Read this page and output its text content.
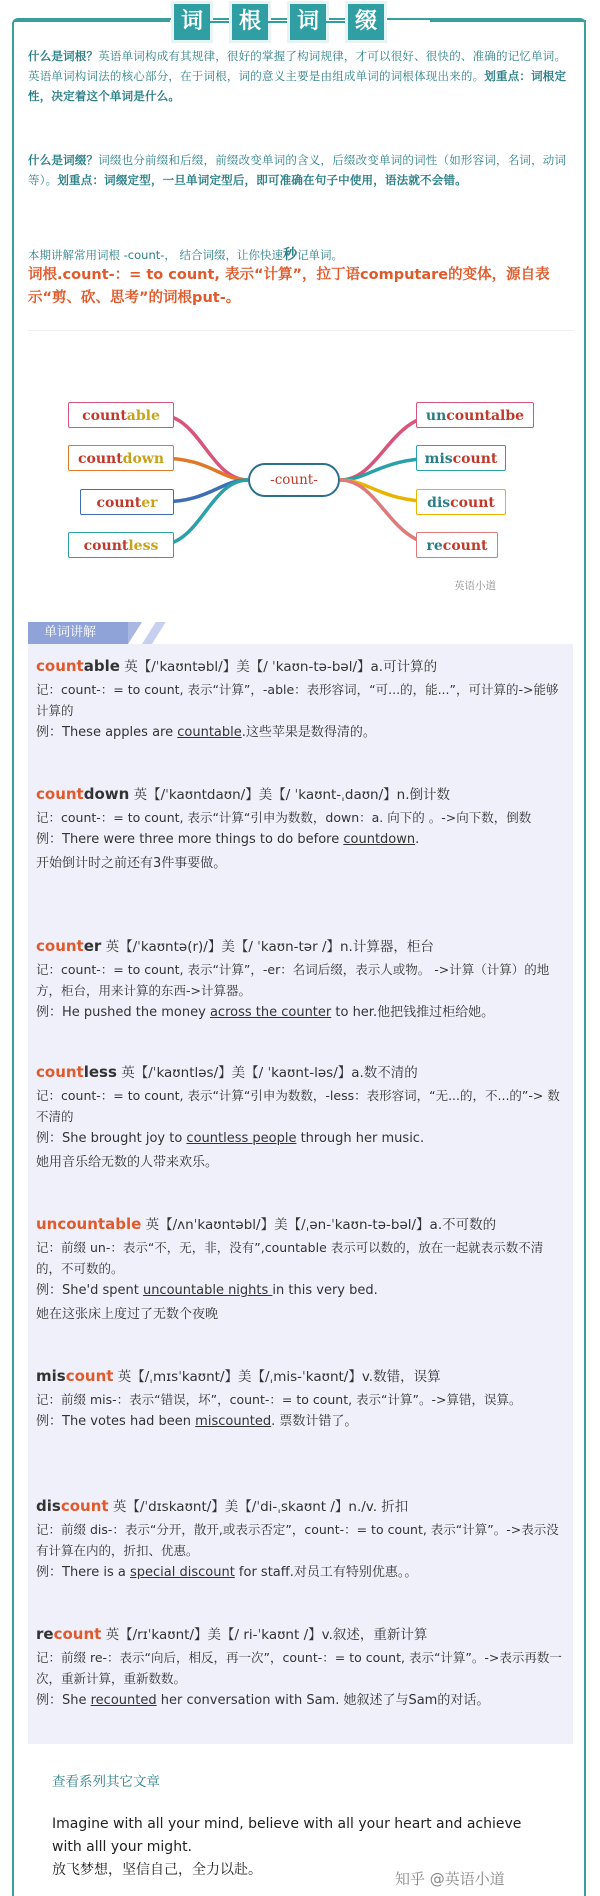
词	根	词	缀
什么是词根？英语单词构成有其规律，很好的掌握了构词规律，才可以很好、很快的、准确的记忆单词。英语单词构词法的核心部分，在于词根，词的意义主要是由组成单词的词根体现出来的。划重点：词根定性，决定着这个单词是什么。
什么是词缀？词缀也分前缀和后缀，前缀改变单词的含义，后缀改变单词的词性（如形容词，名词，动词等）。划重点：词缀定型，一旦单词定型后，即可准确在句子中使用，语法就不会错。
本期讲解常用词根 -count-， 结合词缀，让你快速秒记单词。
词根.count-：= to count, 表示“计算”，拉丁语computare的变体，源自表示“剪、砍、思考”的词根put-。
countable
countdown
counter
countless
uncountalbe
miscount
discount
recount
-count-
英语小道
单词讲解
countable 英【/ˈkaʊntəbl/】美【/ ˈkaʊn-tə-bəl/】a.可计算的
记：count-：= to count, 表示“计算”，-able：表形容词，“可...的，能...”，可计算的->能够计算的
例：These apples are countable.这些苹果是数得清的。
countdown 英【/ˈkaʊntdaʊn/】美【/ ˈkaʊnt-ˌdaʊn/】n.倒计数
记：count-：= to count, 表示“计算“引申为数数，down：a. 向下的 。->向下数，倒数
例：There were three more things to do before countdown.
开始倒计时之前还有3件事要做。
counter 英【/ˈkaʊntə(r)/】美【/ ˈkaʊn-tər /】n.计算器，柜台
记：count-：= to count, 表示“计算”，-er：名词后缀，表示人或物。 ->计算（计算）的地方，柜台，用来计算的东西->计算器。
例：He pushed the money across the counter to her.他把钱推过柜给她。
countless 英【/ˈkaʊntləs/】美【/ ˈkaʊnt-ləs/】a.数不清的
记：count-：= to count, 表示“计算“引申为数数，-less：表形容词，“无...的，不...的”-> 数不清的
例：She brought joy to countless people through her music.
她用音乐给无数的人带来欢乐。
uncountable 英【/ʌnˈkaʊntəbl/】美【/ˌən-ˈkaʊn-tə-bəl/】a.不可数的
记：前缀 un-：表示“不，无，非，没有”,countable 表示可以数的，放在一起就表示数不清的，不可数的。
例：She'd spent uncountable nights in this very bed.
她在这张床上度过了无数个夜晚
miscount 英【/ˌmɪsˈkaʊnt/】美【/ˌmis-ˈkaʊnt/】v.数错，误算
记：前缀 mis-：表示“错误，坏”，count-：= to count, 表示“计算”。->算错，误算。
例：The votes had been miscounted. 票数计错了。
discount 英【/ˈdɪskaʊnt/】美【/ˈdi-ˌskaʊnt /】n./v. 折扣
记：前缀 dis-：表示“分开，散开,或表示否定”，count-：= to count, 表示“计算”。->表示没有计算在内的，折扣、优惠。
例：There is a special discount for staff.对员工有特别优惠。。
recount 英【/rɪˈkaʊnt/】美【/ ri-ˈkaʊnt /】v.叙述，重新计算
记：前缀 re-：表示“向后，相反，再一次”，count-：= to count, 表示“计算”。->表示再数一次，重新计算，重新数数。
例：She recounted her conversation with Sam. 她叙述了与Sam的对话。
查看系列其它文章
Imagine with all your mind, believe with all your heart and achieve with alll your might.
放飞梦想，坚信自己，全力以赴。	知乎 @英语小道
